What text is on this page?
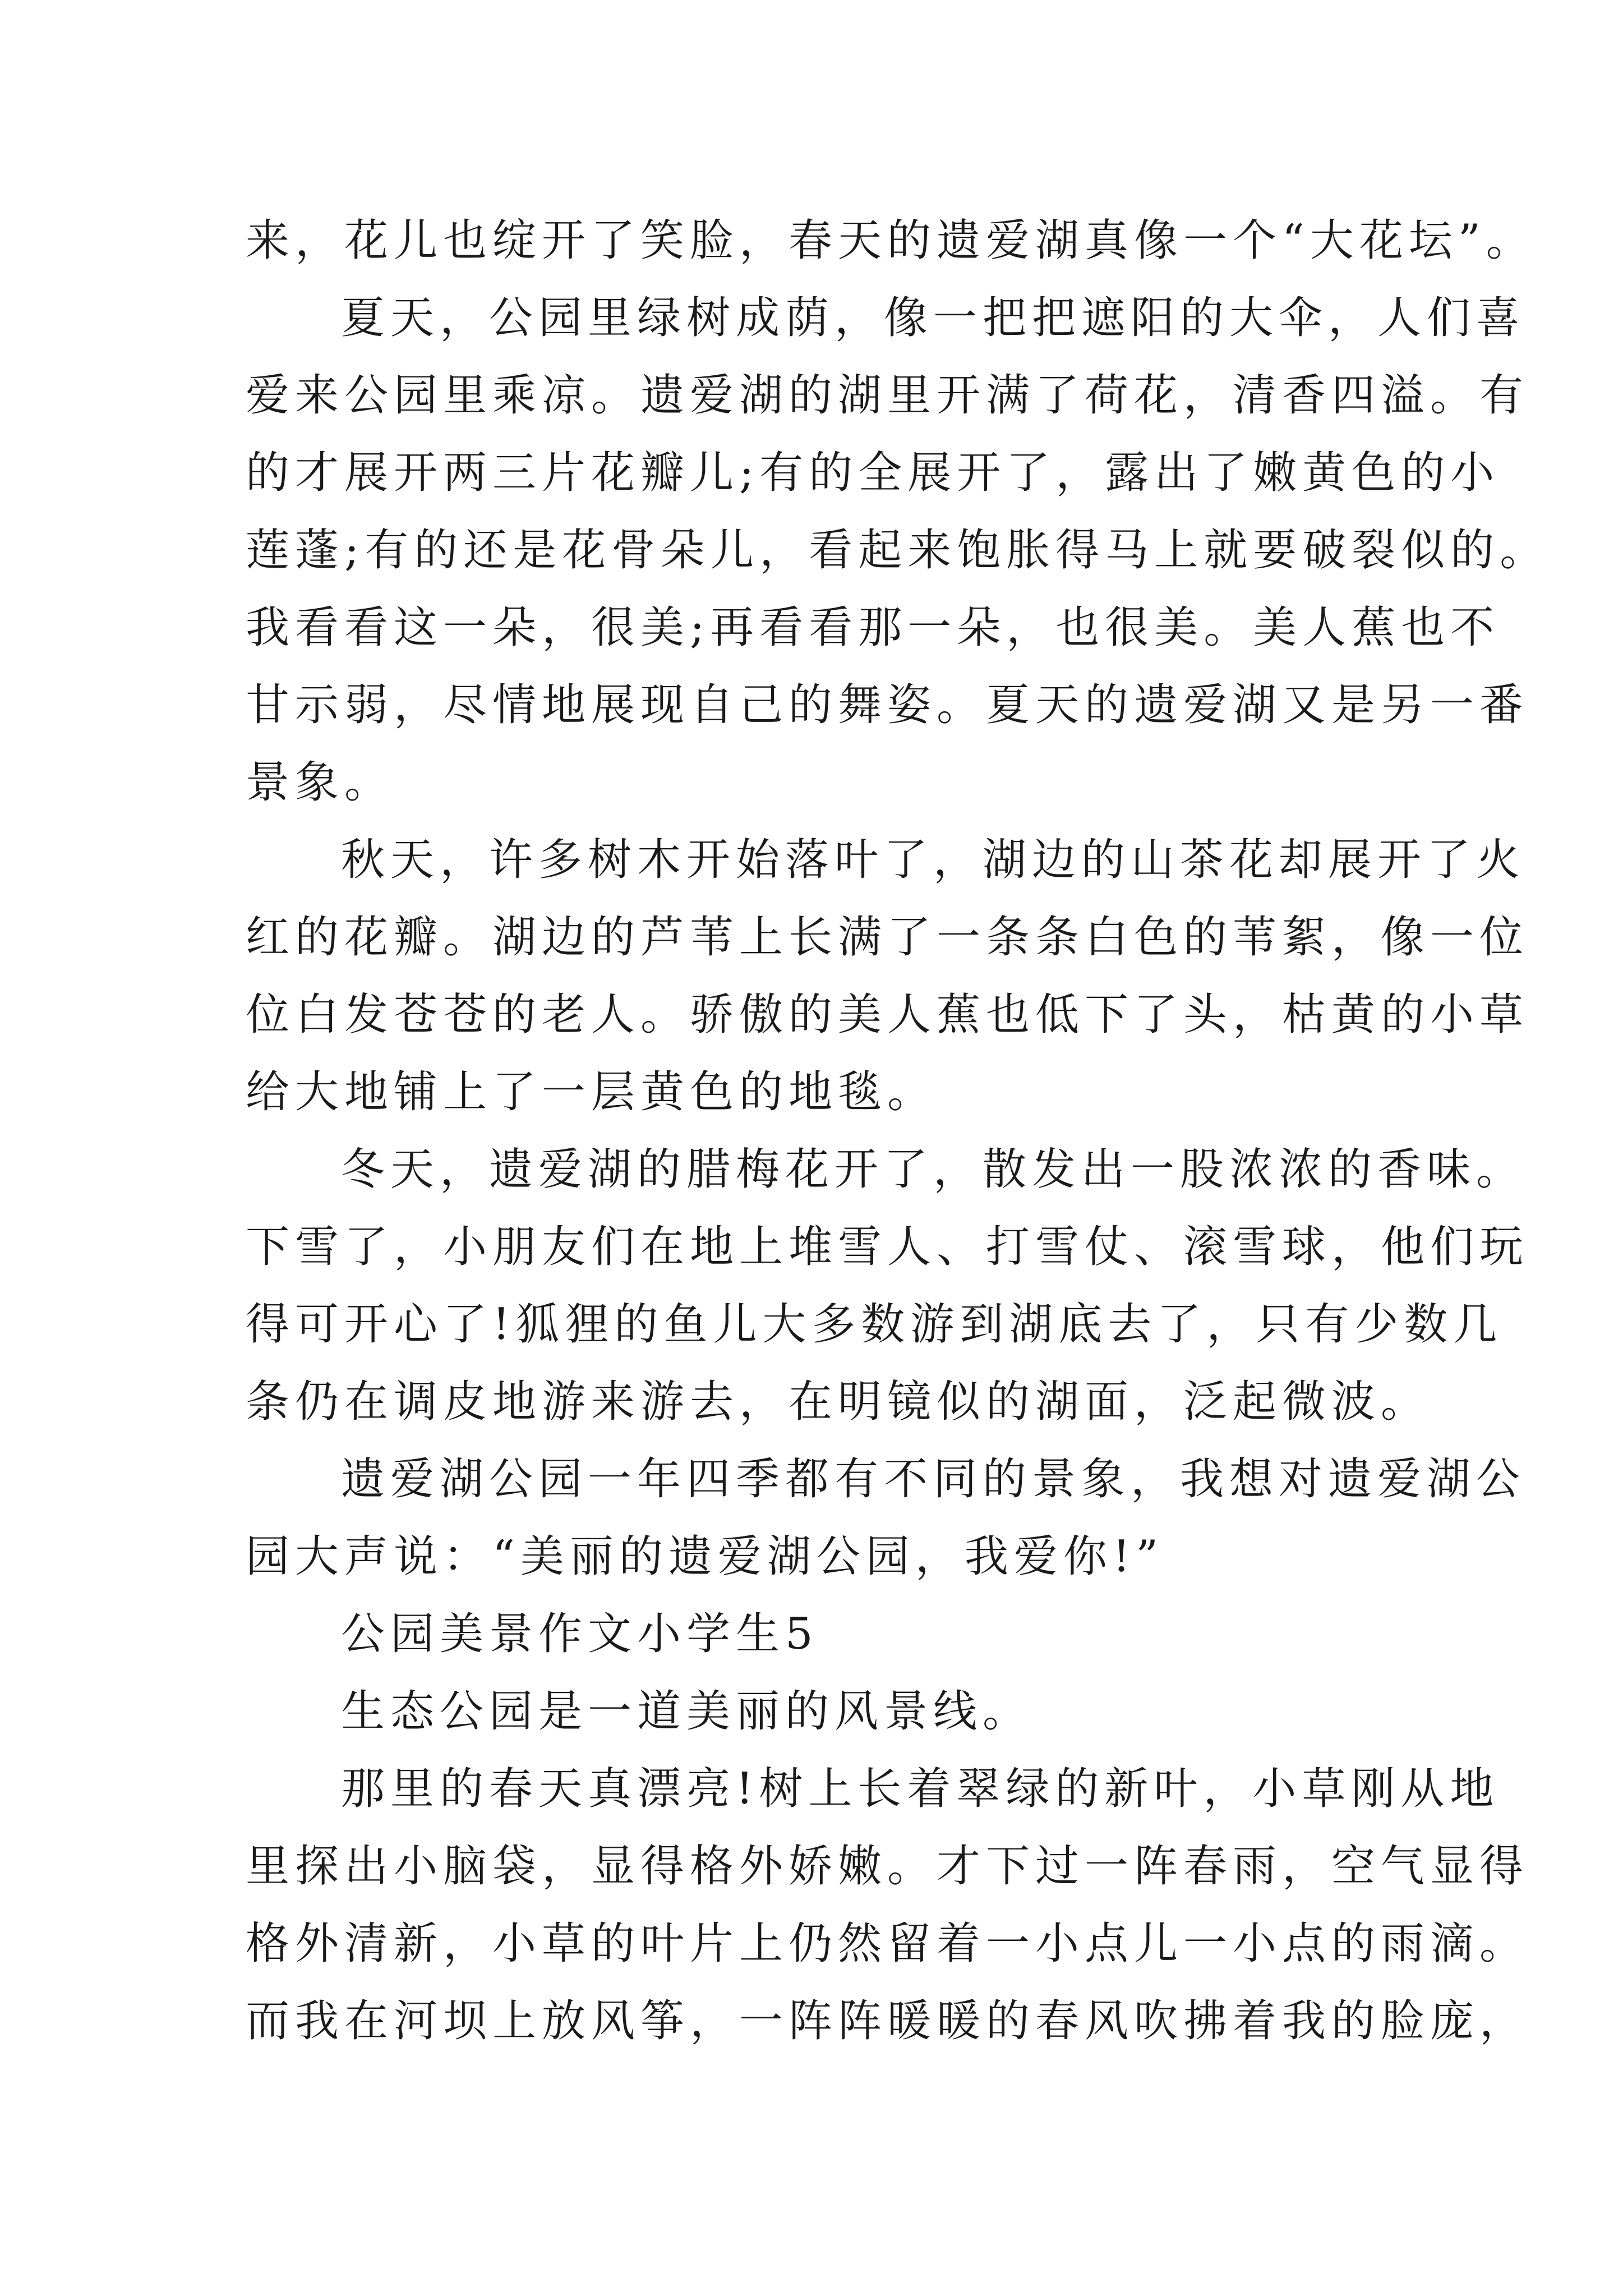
来，花儿也绽开了笑脸，春天的遗爱湖真像一个“大花坛”。
夏天，公园里绿树成荫，像一把把遮阳的大伞，人们喜
爱来公园里乘凉。遗爱湖的湖里开满了荷花，清香四溢。有
的才展开两三片花瓣儿;有的全展开了，露出了嫩黄色的小
莲蓬;有的还是花骨朵儿，看起来饱胀得马上就要破裂似的。
我看看这一朵，很美;再看看那一朵，也很美。美人蕉也不
甘示弱，尽情地展现自己的舞姿。夏天的遗爱湖又是另一番
景象。
秋天，许多树木开始落叶了，湖边的山茶花却展开了火
红的花瓣。湖边的芦苇上长满了一条条白色的苇絮，像一位
位白发苍苍的老人。骄傲的美人蕉也低下了头，枯黄的小草
给大地铺上了一层黄色的地毯。
冬天，遗爱湖的腊梅花开了，散发出一股浓浓的香味。
下雪了，小朋友们在地上堆雪人、打雪仗、滚雪球，他们玩
得可开心了!狐狸的鱼儿大多数游到湖底去了，只有少数几
条仍在调皮地游来游去，在明镜似的湖面，泛起微波。
遗爱湖公园一年四季都有不同的景象，我想对遗爱湖公
园大声说：“美丽的遗爱湖公园，我爱你!”
公园美景作文小学生5
生态公园是一道美丽的风景线。
那里的春天真漂亮!树上长着翠绿的新叶，小草刚从地
里探出小脑袋，显得格外娇嫩。才下过一阵春雨，空气显得
格外清新，小草的叶片上仍然留着一小点儿一小点的雨滴。
而我在河坝上放风筝，一阵阵暖暖的春风吹拂着我的脸庞，
